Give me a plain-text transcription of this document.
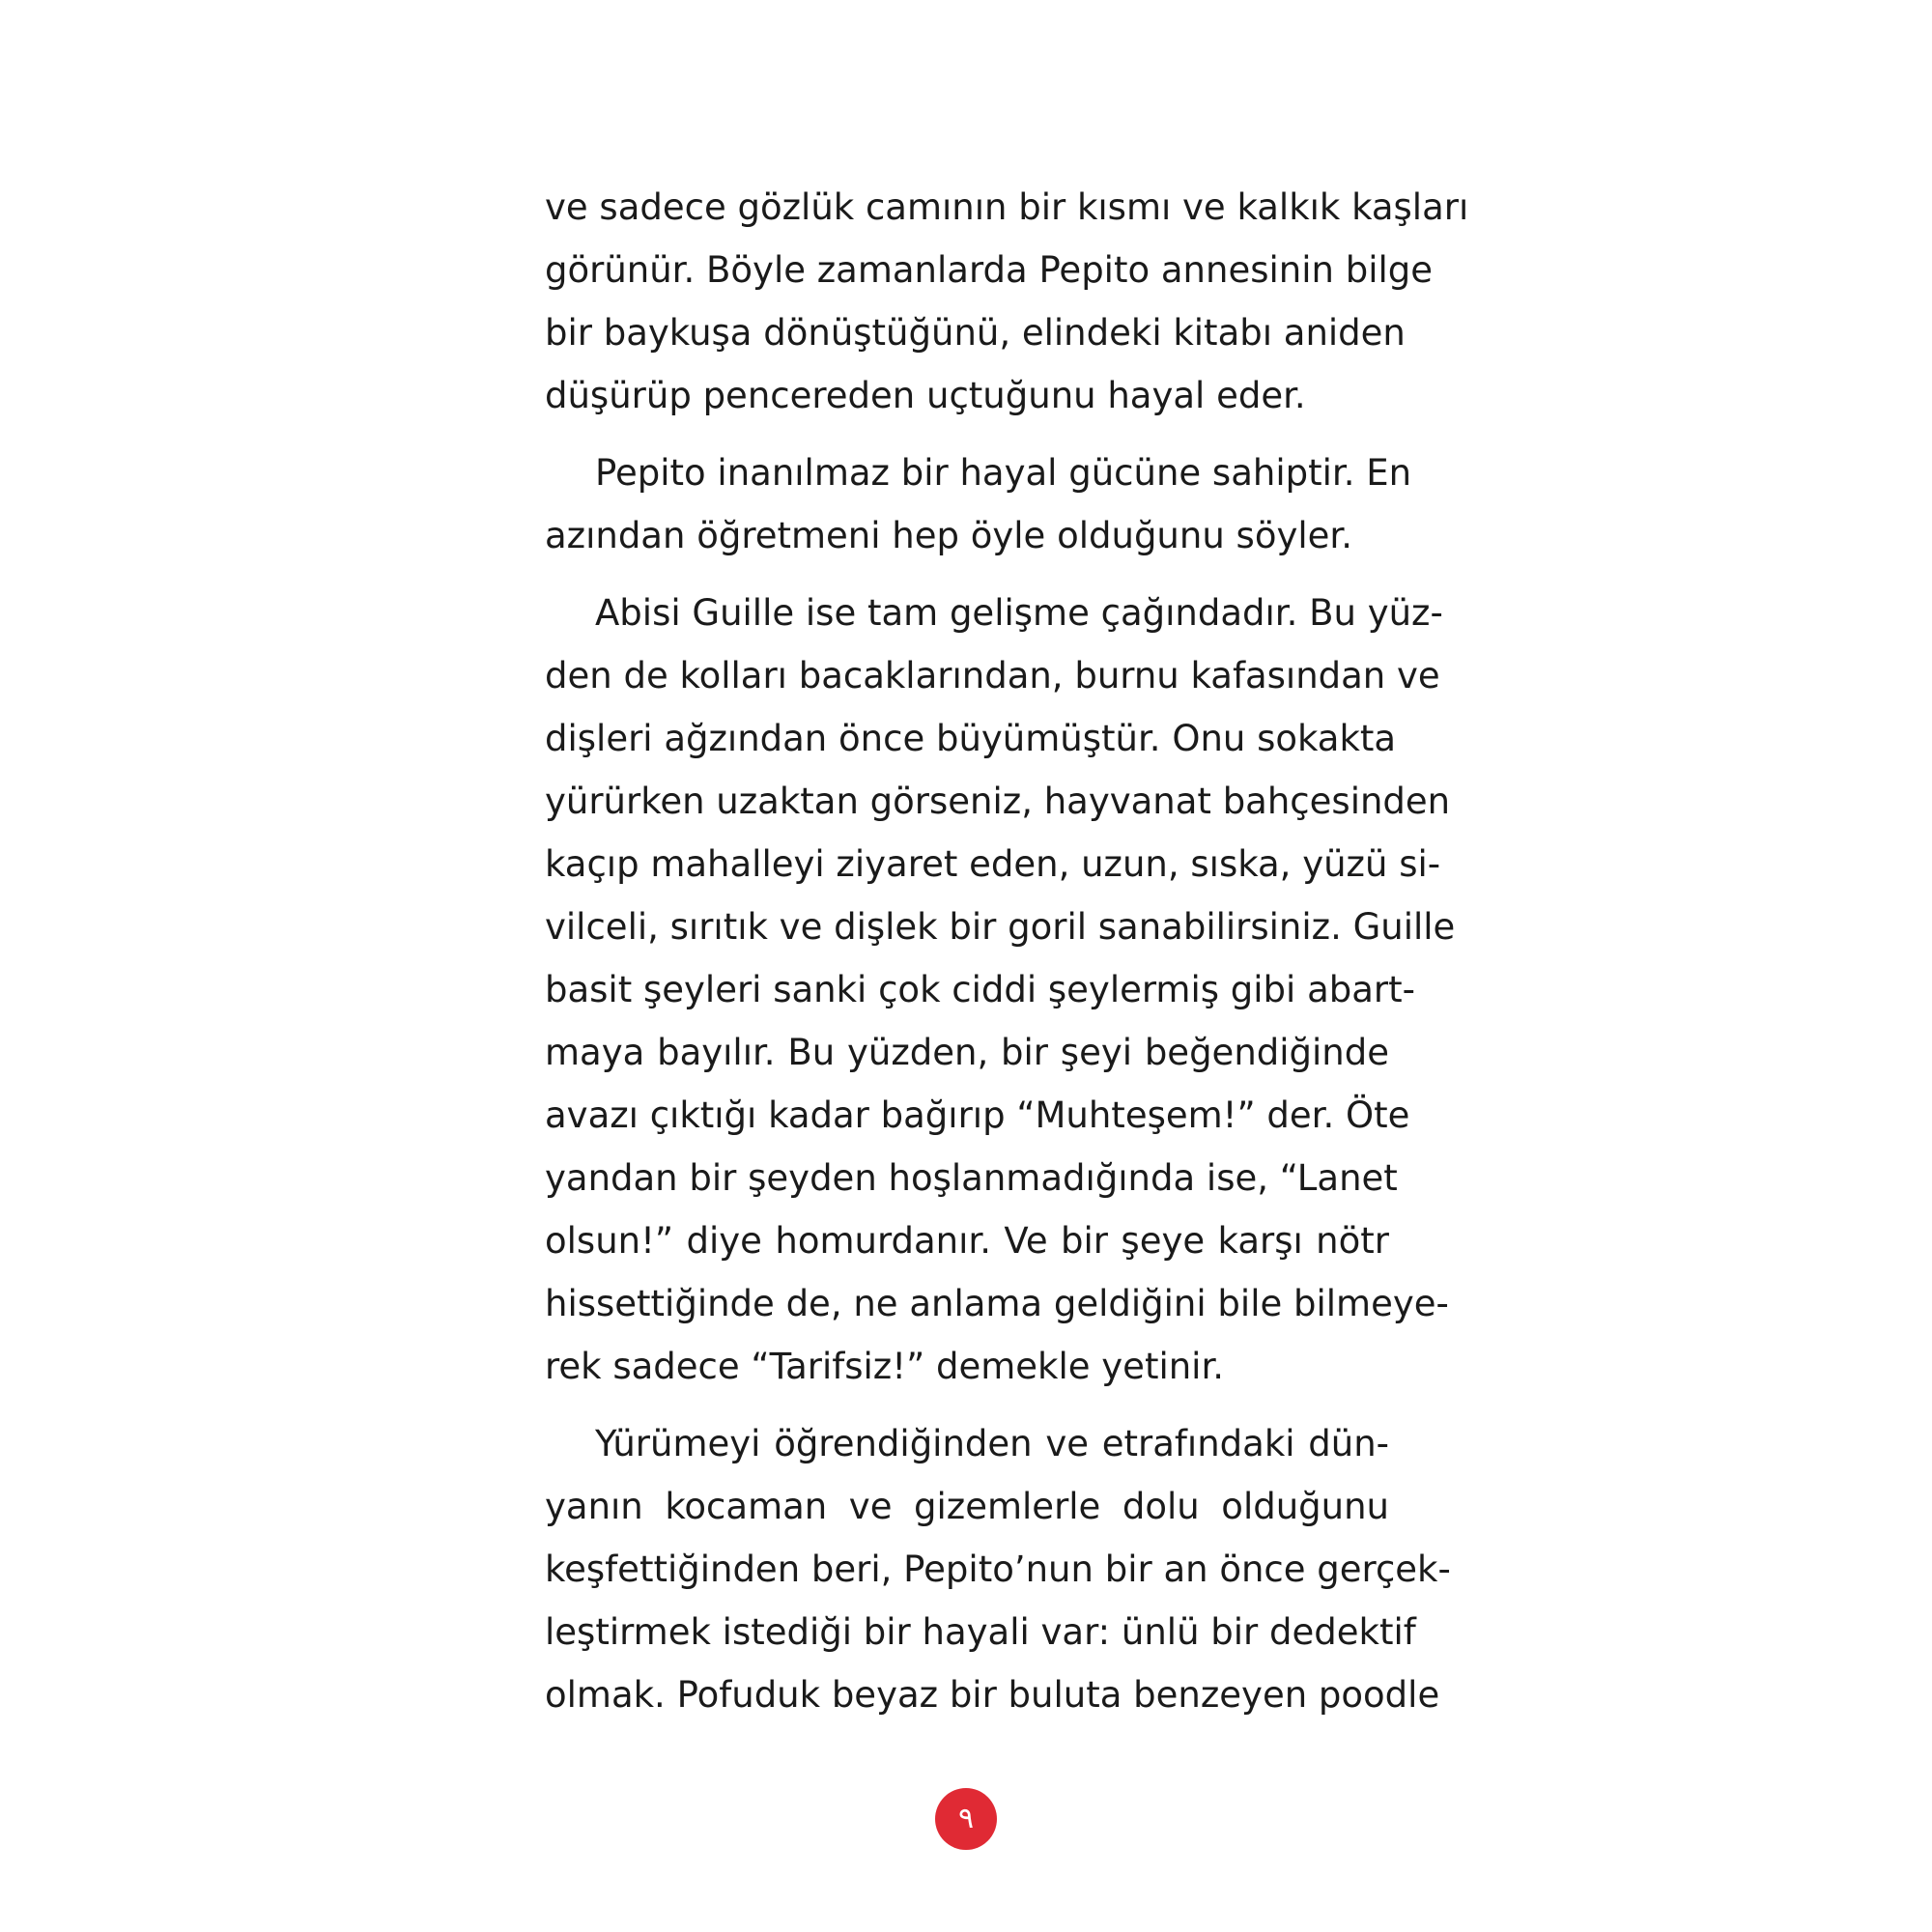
ve sadece gözlük camının bir kısmı ve kalkık kaşları
görünür. Böyle zamanlarda Pepito annesinin bilge
bir baykuşa dönüştüğünü, elindeki kitabı aniden
düşürüp pencereden uçtuğunu hayal eder.
Pepito inanılmaz bir hayal gücüne sahiptir. En
azından öğretmeni hep öyle olduğunu söyler.
Abisi Guille ise tam gelişme çağındadır. Bu yüz-
den de kolları bacaklarından, burnu kafasından ve
dişleri ağzından önce büyümüştür. Onu sokakta
yürürken uzaktan görseniz, hayvanat bahçesinden
kaçıp mahalleyi ziyaret eden, uzun, sıska, yüzü si-
vilceli, sırıtık ve dişlek bir goril sanabilirsiniz. Guille
basit şeyleri sanki çok ciddi şeylermiş gibi abart-
maya bayılır. Bu yüzden, bir şeyi beğendiğinde
avazı çıktığı kadar bağırıp “Muhteşem!” der. Öte
yandan bir şeyden hoşlanmadığında ise, “Lanet
olsun!” diye homurdanır. Ve bir şeye karşı nötr
hissettiğinde de, ne anlama geldiğini bile bilmeye-
rek sadece “Tarifsiz!” demekle yetinir.
Yürümeyi öğrendiğinden ve etrafındaki dün-
yanın kocaman ve gizemlerle dolu olduğunu
keşfettiğinden beri, Pepito’nun bir an önce gerçek-
leştirmek istediği bir hayali var: ünlü bir dedektif
olmak. Pofuduk beyaz bir buluta benzeyen poodle
٩
